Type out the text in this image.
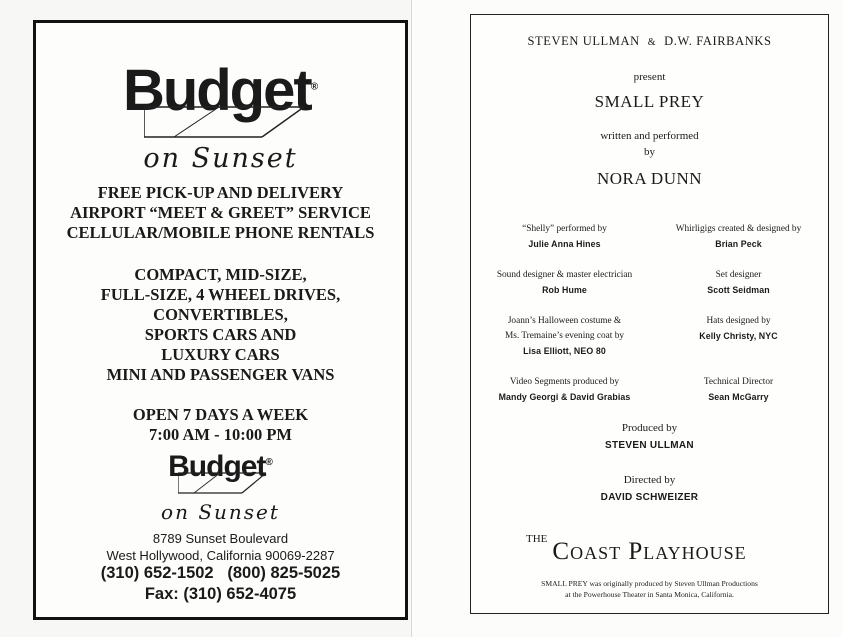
Budget®
on Sunset
FREE PICK-UP AND DELIVERY
AIRPORT “MEET & GREET” SERVICE
CELLULAR/MOBILE PHONE RENTALS
COMPACT, MID-SIZE,
FULL-SIZE, 4 WHEEL DRIVES,
CONVERTIBLES,
SPORTS CARS AND
LUXURY CARS
MINI AND PASSENGER VANS
OPEN 7 DAYS A WEEK
7:00 AM - 10:00 PM
Budget®
on Sunset
8789 Sunset Boulevard
West Hollywood, California 90069-2287
(310) 652-1502 (800) 825-5025
Fax: (310) 652-4075
STEVEN ULLMAN & D.W. FAIRBANKS
present
SMALL PREY
written and performed
by
NORA DUNN
“Shelly” performed by
Julie Anna Hines
Whirligigs created & designed by
Brian Peck
Sound designer & master electrician
Rob Hume
Set designer
Scott Seidman
Joann’s Halloween costume &
Ms. Tremaine’s evening coat by
Lisa Elliott, NEO 80
Hats designed by
Kelly Christy, NYC
Video Segments produced by
Mandy Georgi & David Grabias
Technical Director
Sean McGarry
Produced by
STEVEN ULLMAN
Directed by
DAVID SCHWEIZER
THE Coast Playhouse
SMALL PREY was originally produced by Steven Ullman Productions
at the Powerhouse Theater in Santa Monica, California.
